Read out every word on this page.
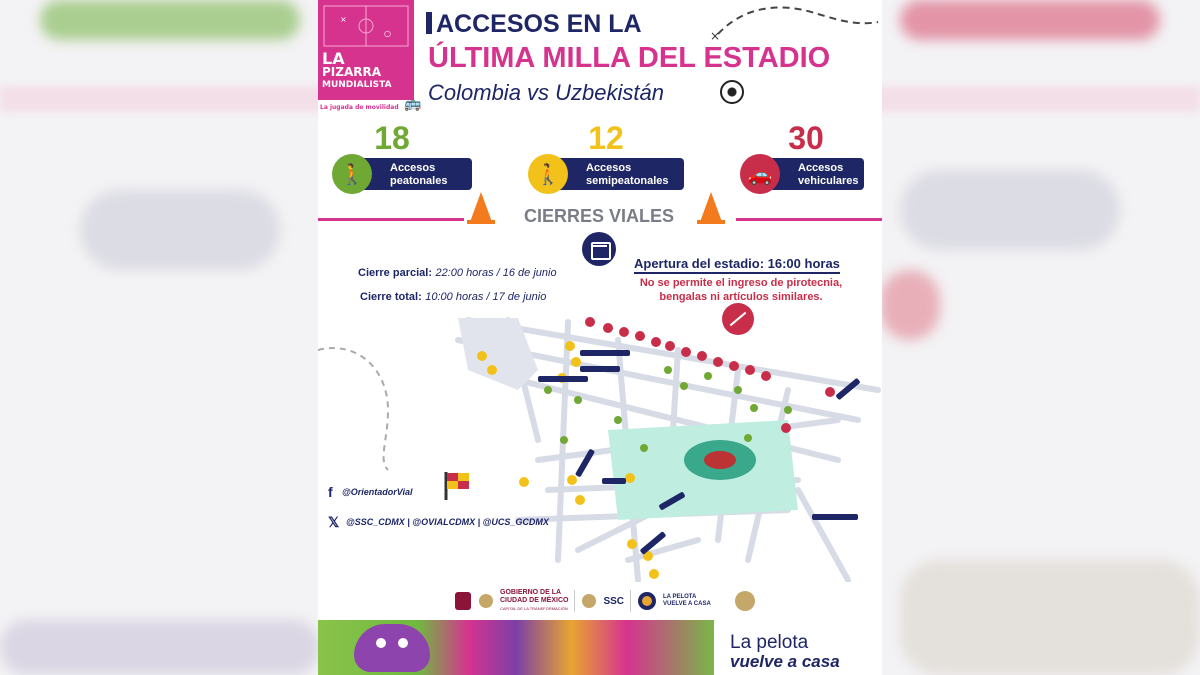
×
○
LA
PIZARRA
MUNDIALISTA
La jugada de movilidad 🚌
ACCESOS EN LA
ÚLTIMA MILLA DEL ESTADIO
Colombia vs Uzbekistán
×
18
Accesos
peatonales
🚶
12
Accesos
semipeatonales
🚶
30
Accesos
vehiculares
🚗
CIERRES VIALES
Cierre parcial: 22:00 horas / 16 de junio
Cierre total: 10:00 horas / 17 de junio
Apertura del estadio: 16:00 horas
No se permite el ingreso de pirotecnia, bengalas ni artículos similares.
f @OrientadorVial
𝕏 @SSC_CDMX | @OVIALCDMX | @UCS_GCDMX
GOBIERNO DE LA
CIUDAD DE MÉXICO
CAPITAL DE LA TRANSFORMACIÓN
SSC	LA PELOTA
VUELVE A CASA
La pelota
vuelve a casa
